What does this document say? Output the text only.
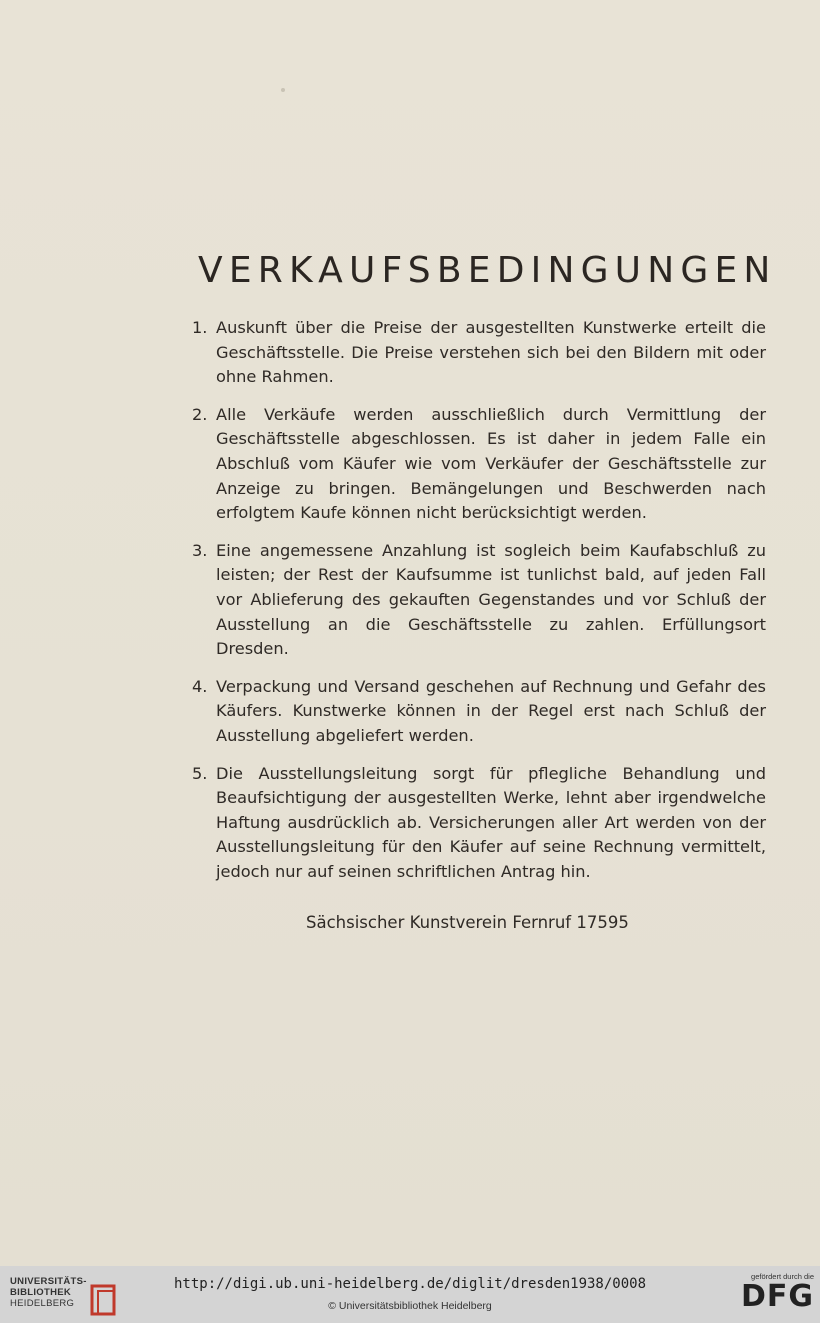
VERKAUFSBEDINGUNGEN
1. Auskunft über die Preise der ausgestellten Kunstwerke erteilt die Geschäftsstelle. Die Preise verstehen sich bei den Bildern mit oder ohne Rahmen.
2. Alle Verkäufe werden ausschließlich durch Vermittlung der Geschäftsstelle abgeschlossen. Es ist daher in jedem Falle ein Abschluß vom Käufer wie vom Verkäufer der Geschäftsstelle zur Anzeige zu bringen. Bemängelungen und Beschwerden nach erfolgtem Kaufe können nicht berücksichtigt werden.
3. Eine angemessene Anzahlung ist sogleich beim Kaufabschluß zu leisten; der Rest der Kaufsumme ist tunlichst bald, auf jeden Fall vor Ablieferung des gekauften Gegenstandes und vor Schluß der Ausstellung an die Geschäftsstelle zu zahlen. Erfüllungsort Dresden.
4. Verpackung und Versand geschehen auf Rechnung und Gefahr des Käufers. Kunstwerke können in der Regel erst nach Schluß der Ausstellung abgeliefert werden.
5. Die Ausstellungsleitung sorgt für pflegliche Behandlung und Beaufsichtigung der ausgestellten Werke, lehnt aber irgendwelche Haftung ausdrücklich ab. Versicherungen aller Art werden von der Ausstellungsleitung für den Käufer auf seine Rechnung vermittelt, jedoch nur auf seinen schriftlichen Antrag hin.
Sächsischer Kunstverein Fernruf 17595
UNIVERSITÄTS-
BIBLIOTHEK
HEIDELBERG
http://digi.ub.uni-heidelberg.de/diglit/dresden1938/0008
© Universitätsbibliothek Heidelberg
gefördert durch die
DFG
